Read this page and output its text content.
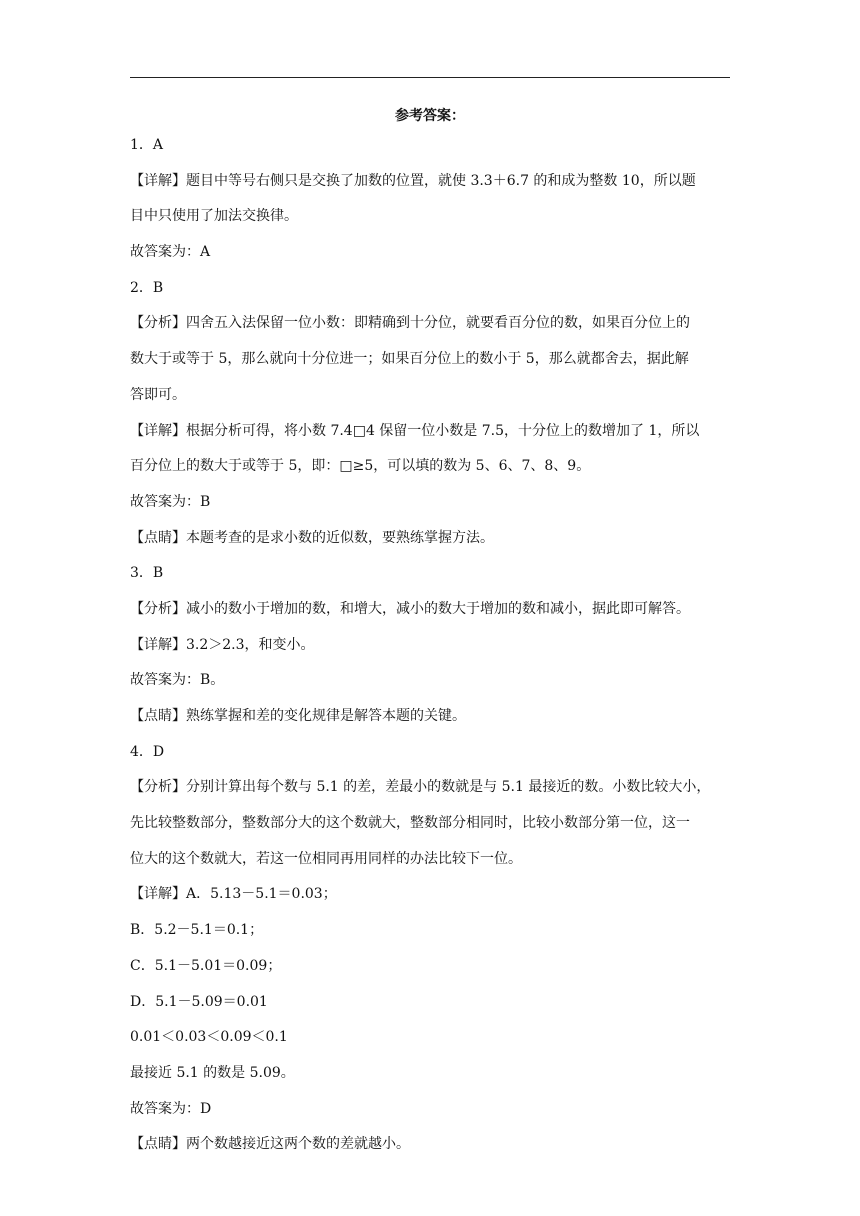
参考答案：
1．A
【详解】题目中等号右侧只是交换了加数的位置，就使 3.3＋6.7 的和成为整数 10，所以题
目中只使用了加法交换律。
故答案为：A
2．B
【分析】四舍五入法保留一位小数：即精确到十分位，就要看百分位的数，如果百分位上的
数大于或等于 5，那么就向十分位进一；如果百分位上的数小于 5，那么就都舍去，据此解
答即可。
【详解】根据分析可得，将小数 7.4□4 保留一位小数是 7.5，十分位上的数增加了 1，所以
百分位上的数大于或等于 5，即：□≥5，可以填的数为 5、6、7、8、9。
故答案为：B
【点睛】本题考查的是求小数的近似数，要熟练掌握方法。
3．B
【分析】减小的数小于增加的数，和增大，减小的数大于增加的数和减小，据此即可解答。
【详解】3.2＞2.3，和变小。
故答案为：B。
【点睛】熟练掌握和差的变化规律是解答本题的关键。
4．D
【分析】分别计算出每个数与 5.1 的差，差最小的数就是与 5.1 最接近的数。小数比较大小，
先比较整数部分，整数部分大的这个数就大，整数部分相同时，比较小数部分第一位，这一
位大的这个数就大，若这一位相同再用同样的办法比较下一位。
【详解】A．5.13－5.1＝0.03；
B．5.2－5.1＝0.1；
C．5.1－5.01＝0.09；
D．5.1－5.09＝0.01
0.01＜0.03＜0.09＜0.1
最接近 5.1 的数是 5.09。
故答案为：D
【点睛】两个数越接近这两个数的差就越小。
